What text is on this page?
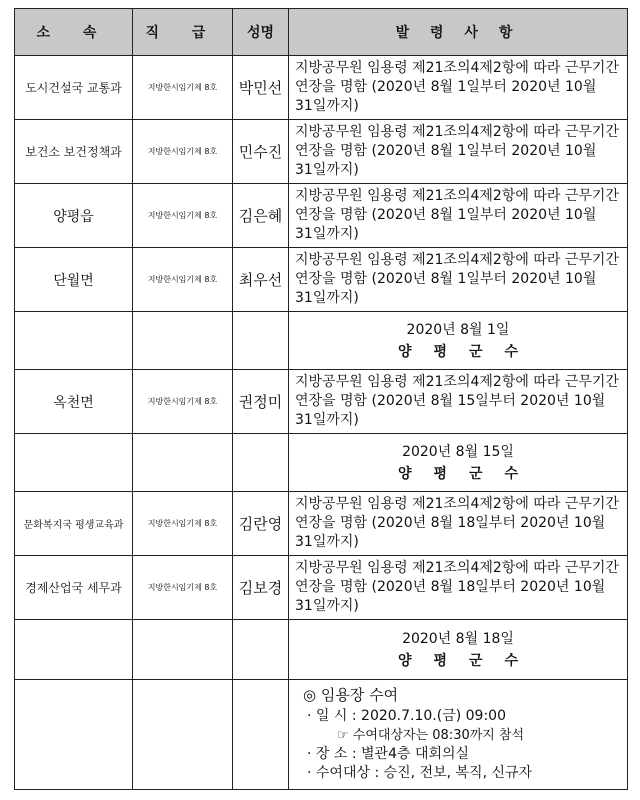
소 속	직 급	성명	발 령 사 항
도시건설국 교통과	지방한시임기제 8호	박민선	지방공무원 임용령 제21조의4제2항에 따라 근무기간 연장을 명함 (2020년 8월 1일부터 2020년 10월 31일까지)
보건소 보건정책과	지방한시임기제 8호	민수진	지방공무원 임용령 제21조의4제2항에 따라 근무기간 연장을 명함 (2020년 8월 1일부터 2020년 10월 31일까지)
양평읍	지방한시임기제 8호	김은혜	지방공무원 임용령 제21조의4제2항에 따라 근무기간 연장을 명함 (2020년 8월 1일부터 2020년 10월 31일까지)
단월면	지방한시임기제 8호	최우선	지방공무원 임용령 제21조의4제2항에 따라 근무기간 연장을 명함 (2020년 8월 1일부터 2020년 10월 31일까지)

			2020년 8월 1일
양평군수

옥천면	지방한시임기제 8호	권정미	지방공무원 임용령 제21조의4제2항에 따라 근무기간 연장을 명함 (2020년 8월 15일부터 2020년 10월 31일까지)

			2020년 8월 15일
양평군수

문화복지국 평생교육과	지방한시임기제 8호	김란영	지방공무원 임용령 제21조의4제2항에 따라 근무기간 연장을 명함 (2020년 8월 18일부터 2020년 10월 31일까지)
경제산업국 세무과	지방한시임기제 8호	김보경	지방공무원 임용령 제21조의4제2항에 따라 근무기간 연장을 명함 (2020년 8월 18일부터 2020년 10월 31일까지)

			2020년 8월 18일
양평군수

			◎ 임용장 수여
· 일 시 : 2020.7.10.(금) 09:00
☞ 수여대상자는 08:30까지 참석
· 장 소 : 별관4층 대회의실
· 수여대상 : 승진, 전보, 복직, 신규자
